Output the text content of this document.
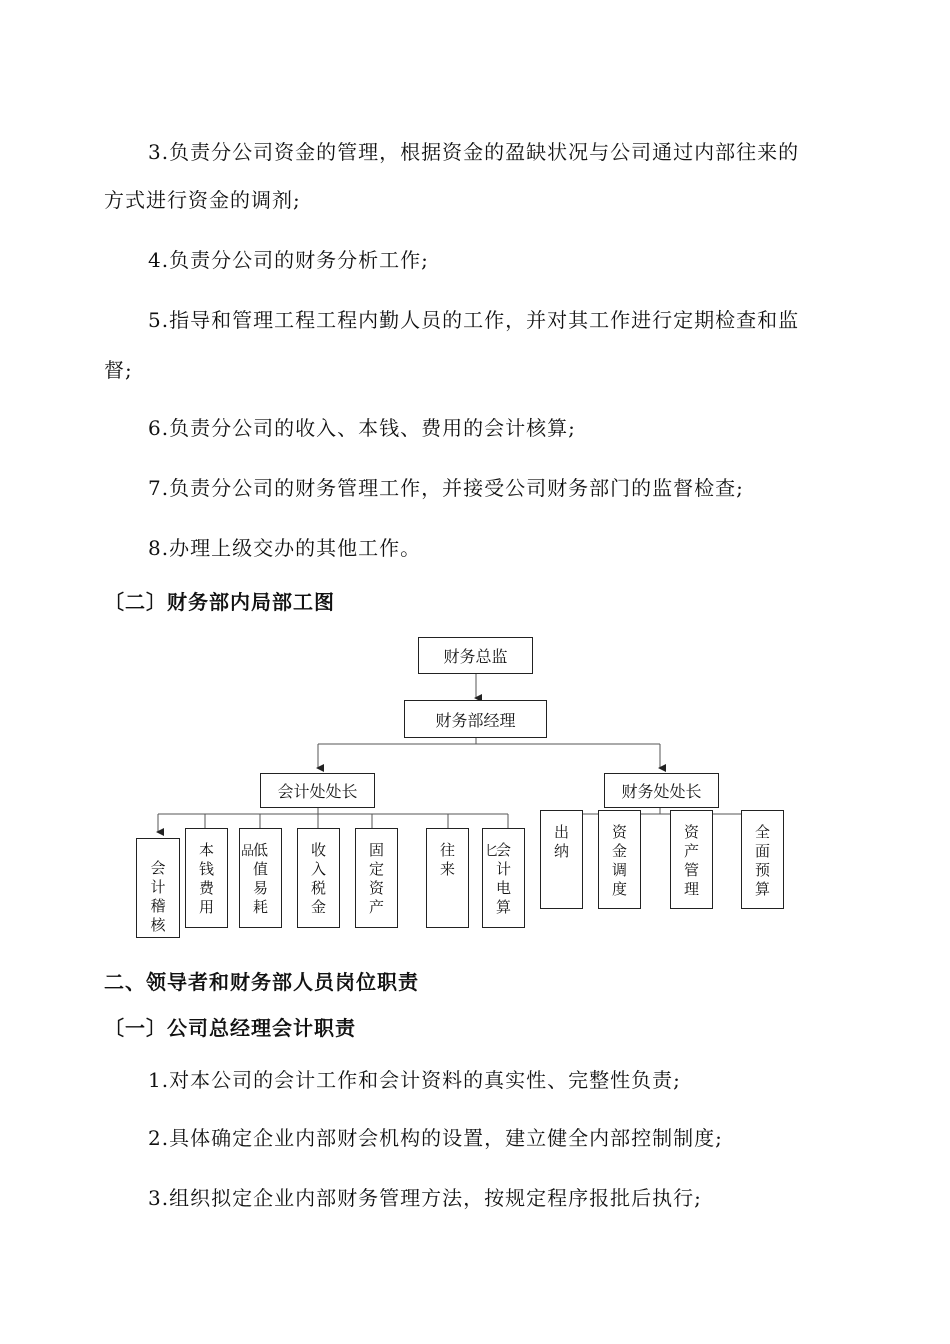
3.负责分公司资金的管理，根据资金的盈缺状况与公司通过内部往来的
方式进行资金的调剂;
4.负责分公司的财务分析工作;
5.指导和管理工程工程内勤人员的工作，并对其工作进行定期检查和监
督;
6.负责分公司的收入、本钱、费用的会计核算;
7.负责分公司的财务管理工作，并接受公司财务部门的监督检查;
8.办理上级交办的其他工作。
〔二〕财务部内局部工图
财务总监
财务部经理
会计处处长	财务处处长
会计稽核
本钱费用
低值易耗
收入税金
固定资产
往来
会计电算
出纳
资金调度
资产管理
全面预算
品	匕
二、领导者和财务部人员岗位职责
〔一〕公司总经理会计职责
1.对本公司的会计工作和会计资料的真实性、完整性负责;
2.具体确定企业内部财会机构的设置，建立健全内部控制制度;
3.组织拟定企业内部财务管理方法，按规定程序报批后执行;
